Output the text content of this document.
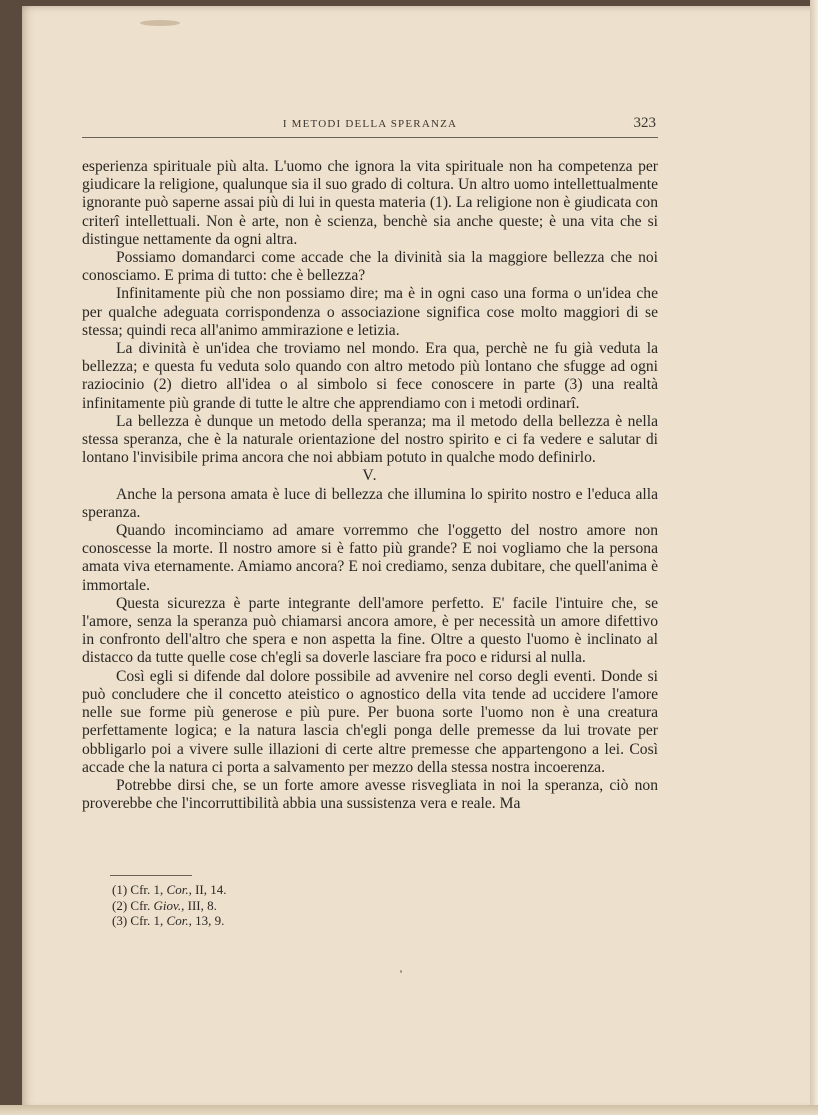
I METODI DELLA SPERANZA	323

esperienza spirituale più alta. L'uomo che ignora la vita spirituale non ha competenza per giudicare la religione, qualunque sia il suo grado di coltura. Un altro uomo intellettualmente ignorante può saperne assai più di lui in questa materia (1). La religione non è giudicata con criterî intellettuali. Non è arte, non è scienza, benchè sia anche queste; è una vita che si distingue nettamente da ogni altra.

Possiamo domandarci come accade che la divinità sia la maggiore bellezza che noi conosciamo. E prima di tutto: che è bellezza?

Infinitamente più che non possiamo dire; ma è in ogni caso una forma o un'idea che per qualche adeguata corrispondenza o associazione significa cose molto maggiori di se stessa; quindi reca all'animo ammirazione e letizia.

La divinità è un'idea che troviamo nel mondo. Era qua, perchè ne fu già veduta la bellezza; e questa fu veduta solo quando con altro metodo più lontano che sfugge ad ogni raziocinio (2) dietro all'idea o al simbolo si fece conoscere in parte (3) una realtà infinitamente più grande di tutte le altre che apprendiamo con i metodi ordinarî.

La bellezza è dunque un metodo della speranza; ma il metodo della bellezza è nella stessa speranza, che è la naturale orientazione del nostro spirito e ci fa vedere e salutar di lontano l'invisibile prima ancora che noi abbiam potuto in qualche modo definirlo.

V.

Anche la persona amata è luce di bellezza che illumina lo spirito nostro e l'educa alla speranza.

Quando incominciamo ad amare vorremmo che l'oggetto del nostro amore non conoscesse la morte. Il nostro amore si è fatto più grande? E noi vogliamo che la persona amata viva eternamente. Amiamo ancora? E noi crediamo, senza dubitare, che quell'anima è immortale.

Questa sicurezza è parte integrante dell'amore perfetto. E' facile l'intuire che, se l'amore, senza la speranza può chiamarsi ancora amore, è per necessità un amore difettivo in confronto dell'altro che spera e non aspetta la fine. Oltre a questo l'uomo è inclinato al distacco da tutte quelle cose ch'egli sa doverle lasciare fra poco e ridursi al nulla.

Così egli si difende dal dolore possibile ad avvenire nel corso degli eventi. Donde si può concludere che il concetto ateistico o agnostico della vita tende ad uccidere l'amore nelle sue forme più generose e più pure. Per buona sorte l'uomo non è una creatura perfettamente logica; e la natura lascia ch'egli ponga delle premesse da lui trovate per obbligarlo poi a vivere sulle illazioni di certe altre premesse che appartengono a lei. Così accade che la natura ci porta a salvamento per mezzo della stessa nostra incoerenza.

Potrebbe dirsi che, se un forte amore avesse risvegliata in noi la speranza, ciò non proverebbe che l'incorruttibilità abbia una sussistenza vera e reale. Ma

(1) Cfr. 1, Cor., II, 14.

(2) Cfr. Giov., III, 8.

(3) Cfr. 1, Cor., 13, 9.
